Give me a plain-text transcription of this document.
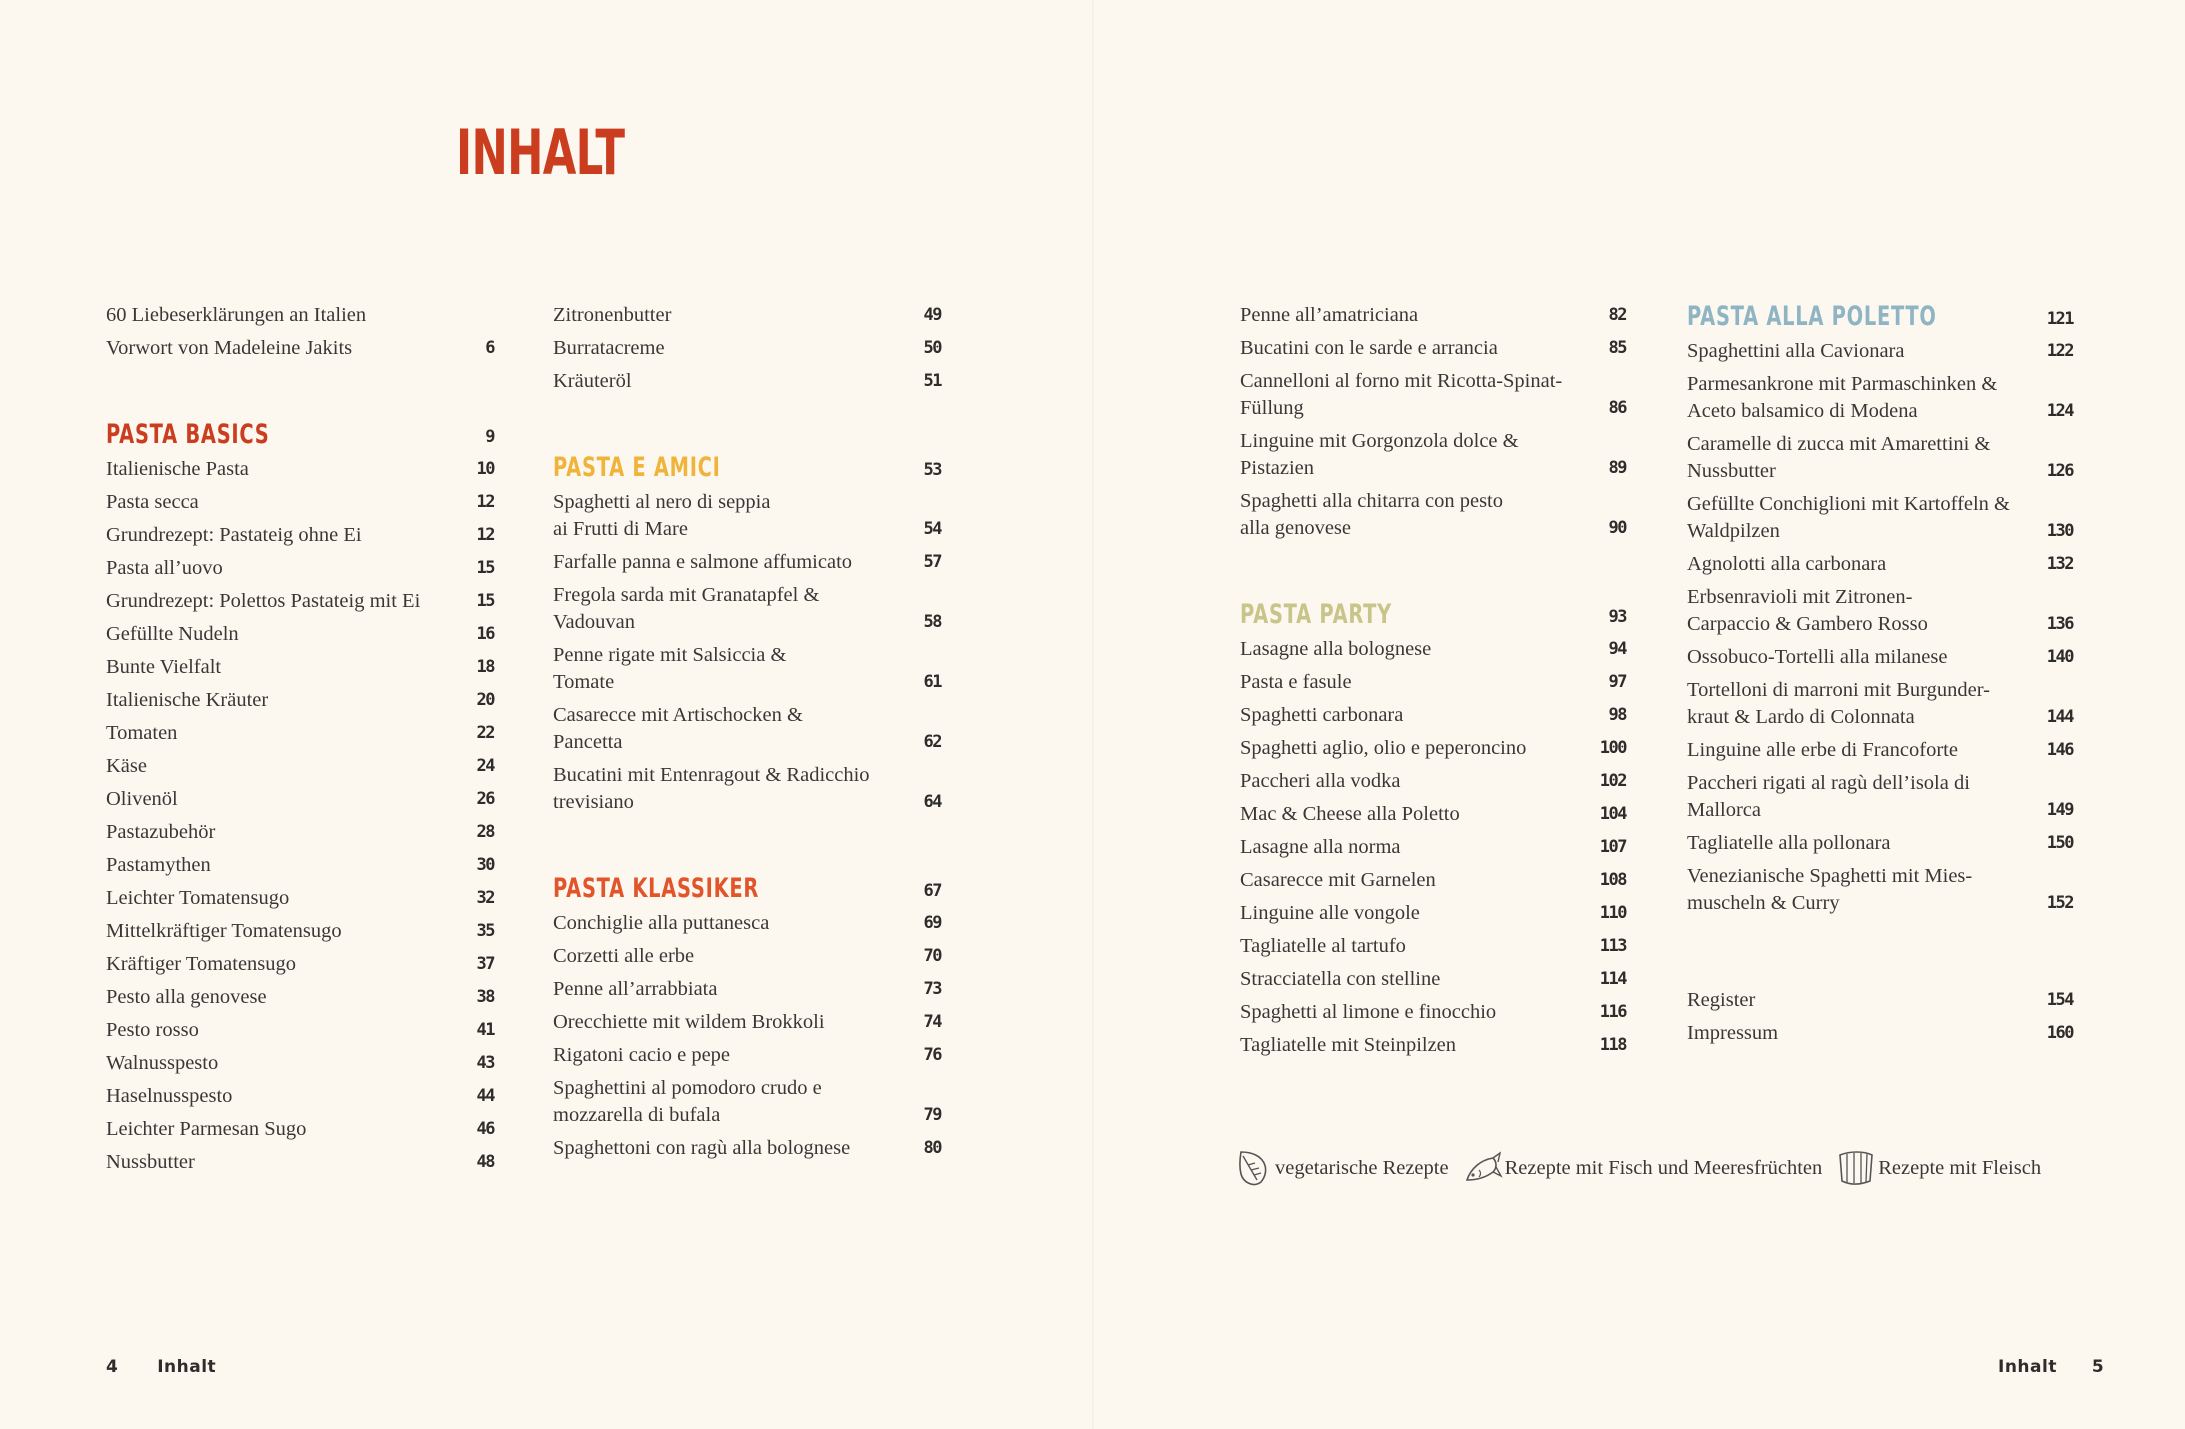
INHALT
60 Liebeserklärungen an Italien
Vorwort von Madeleine Jakits	6
PASTA BASICS	9
Italienische Pasta	10
Pasta secca	12
Grundrezept: Pastateig ohne Ei	12
Pasta all’uovo	15
Grundrezept: Polettos Pastateig mit Ei	15
Gefüllte Nudeln	16
Bunte Vielfalt	18
Italienische Kräuter	20
Tomaten	22
Käse	24
Olivenöl	26
Pastazubehör	28
Pastamythen	30
Leichter Tomatensugo	32
Mittelkräftiger Tomatensugo	35
Kräftiger Tomatensugo	37
Pesto alla genovese	38
Pesto rosso	41
Walnusspesto	43
Haselnusspesto	44
Leichter Parmesan Sugo	46
Nussbutter	48
Zitronenbutter	49
Burratacreme	50
Kräuteröl	51
PASTA E AMICI	53
Spaghetti al nero di seppia
ai Frutti di Mare	54
Farfalle panna e salmone affumicato	57
Fregola sarda mit Granatapfel &
Vadouvan	58
Penne rigate mit Salsiccia &
Tomate	61
Casarecce mit Artischocken &
Pancetta	62
Bucatini mit Entenragout & Radicchio
trevisiano	64
PASTA KLASSIKER	67
Conchiglie alla puttanesca	69
Corzetti alle erbe	70
Penne all’arrabbiata	73
Orecchiette mit wildem Brokkoli	74
Rigatoni cacio e pepe	76
Spaghettini al pomodoro crudo e
mozzarella di bufala	79
Spaghettoni con ragù alla bolognese	80
Penne all’amatriciana	82
Bucatini con le sarde e arrancia	85
Cannelloni al forno mit Ricotta-Spinat-
Füllung	86
Linguine mit Gorgonzola dolce &
Pistazien	89
Spaghetti alla chitarra con pesto
alla genovese	90
PASTA PARTY	93
Lasagne alla bolognese	94
Pasta e fasule	97
Spaghetti carbonara	98
Spaghetti aglio, olio e peperoncino	100
Paccheri alla vodka	102
Mac & Cheese alla Poletto	104
Lasagne alla norma	107
Casarecce mit Garnelen	108
Linguine alle vongole	110
Tagliatelle al tartufo	113
Stracciatella con stelline	114
Spaghetti al limone e finocchio	116
Tagliatelle mit Steinpilzen	118
PASTA ALLA POLETTO	121
Spaghettini alla Cavionara	122
Parmesankrone mit Parmaschinken &
Aceto balsamico di Modena	124
Caramelle di zucca mit Amarettini &
Nussbutter	126
Gefüllte Conchiglioni mit Kartoffeln &
Waldpilzen	130
Agnolotti alla carbonara	132
Erbsenravioli mit Zitronen-
Carpaccio & Gambero Rosso	136
Ossobuco-Tortelli alla milanese	140
Tortelloni di marroni mit Burgunder-
kraut & Lardo di Colonnata	144
Linguine alle erbe di Francoforte	146
Paccheri rigati al ragù dell’isola di
Mallorca	149
Tagliatelle alla pollonara	150
Venezianische Spaghetti mit Mies-
muscheln & Curry	152
Register	154
Impressum	160
vegetarische Rezepte	Rezepte mit Fisch und Meeresfrüchten	Rezepte mit Fleisch
4 Inhalt	Inhalt 5
